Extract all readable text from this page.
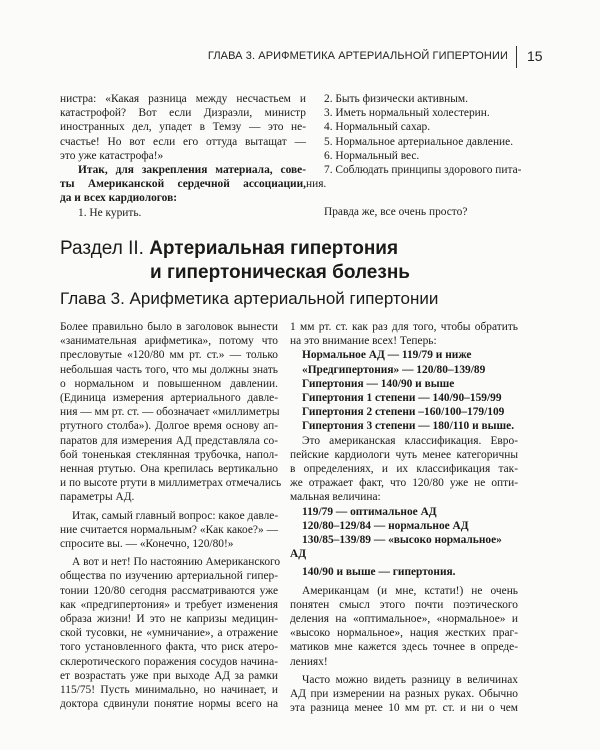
ГЛАВА 3. АРИФМЕТИКА АРТЕРИАЛЬНОЙ ГИПЕРТОНИИ 15

нистра: «Какая разница между несчастьем и
катастрофой? Вот если Дизраэли, министр
иностранных дел, упадет в Темзу — это не-
счастье! Но вот если его оттуда вытащат —
это уже катастрофа!»

Итак, для закрепления материала, сове-
ты Американской сердечной ассоциации,
да и всех кардиологов:

1. Не курить.

2. Быть физически активным.
3. Иметь нормальный холестерин.
4. Нормальный сахар.
5. Нормальное артериальное давление.
6. Нормальный вес.
7. Соблюдать принципы здорового пита-
ния.
Правда же, все очень просто?
Раздел II. Артериальная гипертония
и гипертоническая болезнь
Глава 3. Арифметика артериальной гипертонии

Более правильно было в заголовок вынести
«занимательная арифметика», потому что
пресловутые «120/80 мм рт. ст.» — только
небольшая часть того, что мы должны знать
о нормальном и повышенном давлении.
(Единица измерения артериального давле-
ния — мм рт. ст. — обозначает «миллиметры
ртутного столба»). Долгое время основу ап-
паратов для измерения АД представляла со-
бой тоненькая стеклянная трубочка, напол-
ненная ртутью. Она крепилась вертикально
и по высоте ртути в миллиметрах отмечались
параметры АД.

Итак, самый главный вопрос: какое давле-
ние считается нормальным? «Как какое?» —
спросите вы. — «Конечно, 120/80!»

А вот и нет! По настоянию Американского
общества по изучению артериальной гипер-
тонии 120/80 сегодня рассматриваются уже
как «предгипертония» и требует изменения
образа жизни! И это не капризы медицин-
ской тусовки, не «умничание», а отражение
того установленного факта, что риск атеро-
склеротического поражения сосудов начина-
ет возрастать уже при выходе АД за рамки
115/75! Пусть минимально, но начинает, и
доктора сдвинули понятие нормы всего на

1 мм рт. ст. как раз для того, чтобы обратить
на это внимание всех! Теперь:

Нормальное АД — 119/79 и ниже
«Предгипертония» — 120/80–139/89
Гипертония — 140/90 и выше
Гипертония 1 степени — 140/90–159/99
Гипертония 2 степени –160/100–179/109
Гипертония 3 степени — 180/110 и выше.

Это американская классификация. Евро-
пейские кардиологи чуть менее категоричны
в определениях, и их классификация так-
же отражает факт, что 120/80 уже не опти-
мальная величина:

119/79 — оптимальное АД
120/80–129/84 — нормальное АД
130/85–139/89 — «высоко нормальное»
АД
140/90 и выше — гипертония.

Американцам (и мне, кстати!) не очень
понятен смысл этого почти поэтического
деления на «оптимальное», «нормальное» и
«высоко нормальное», нация жестких праг-
матиков мне кажется здесь точнее в опреде-
лениях!

Часто можно видеть разницу в величинах
АД при измерении на разных руках. Обычно
эта разница менее 10 мм рт. ст. и ни о чем
